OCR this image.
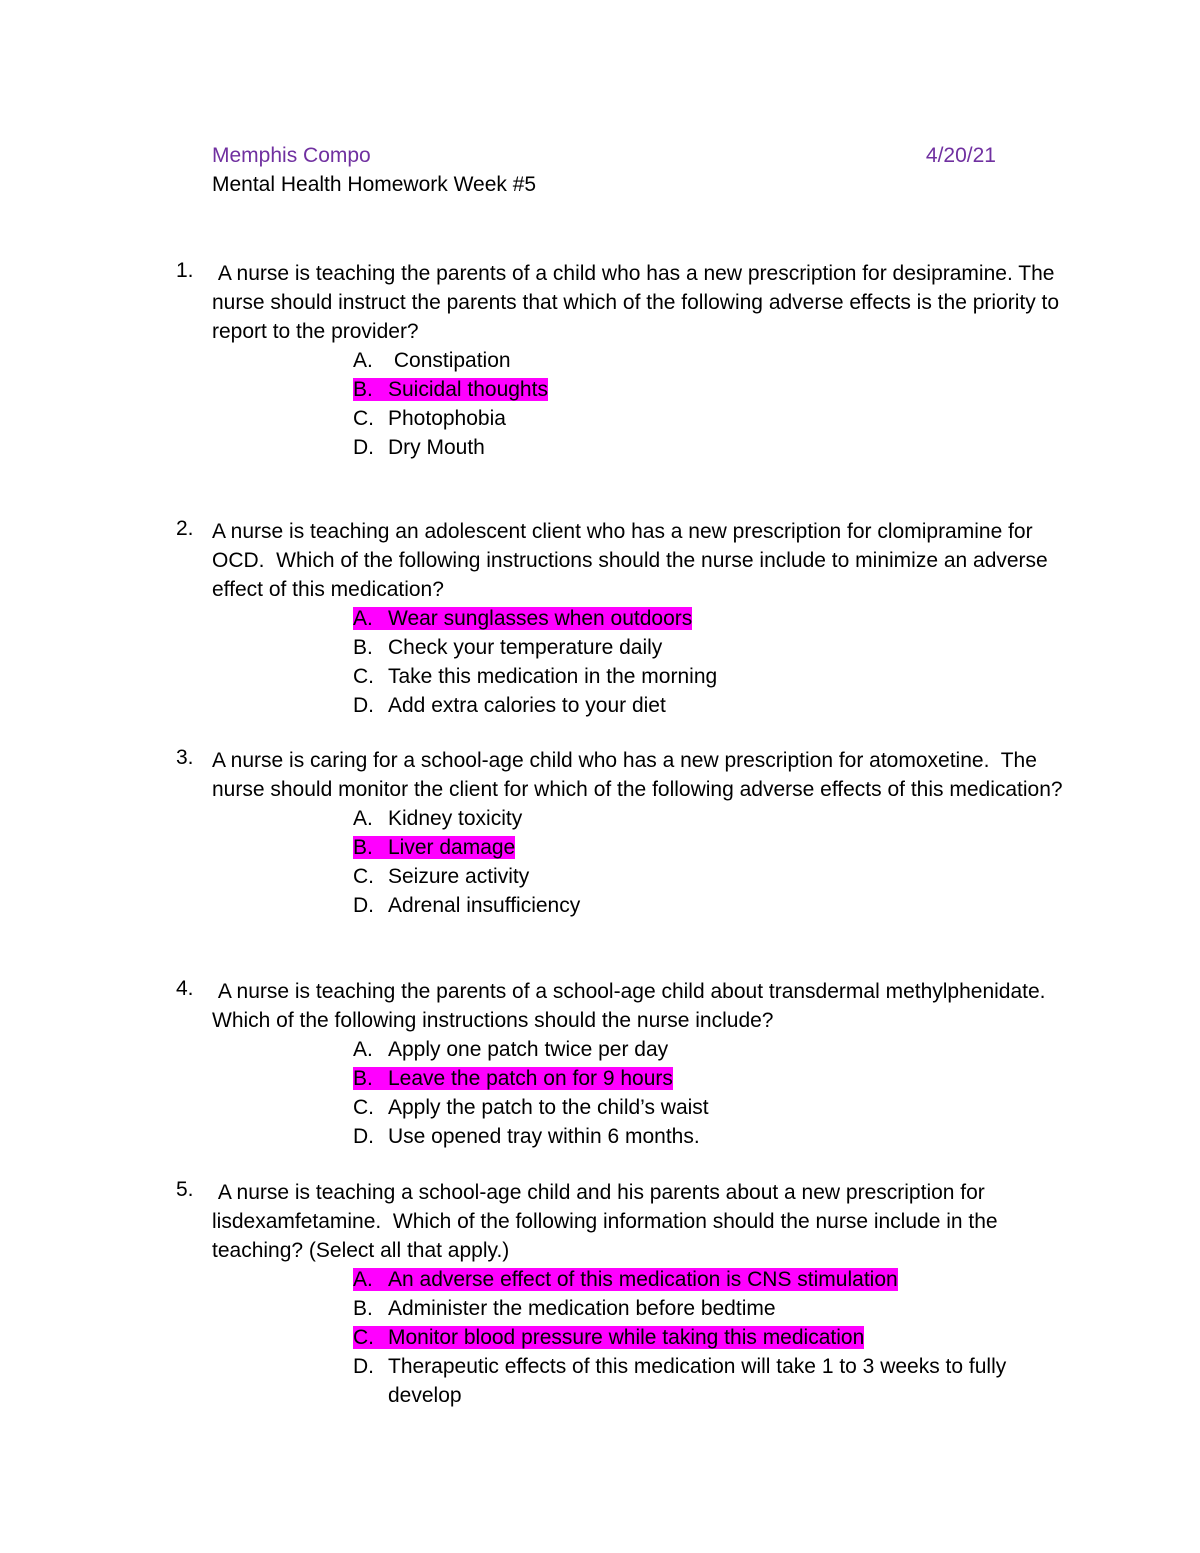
Memphis Compo	4/20/21
Mental Health Homework Week #5
1. A nurse is teaching the parents of a child who has a new prescription for desipramine. The nurse should instruct the parents that which of the following adverse effects is the priority to report to the provider?
A. Constipation
B. Suicidal thoughts
C. Photophobia
D. Dry Mouth
2. A nurse is teaching an adolescent client who has a new prescription for clomipramine for OCD.  Which of the following instructions should the nurse include to minimize an adverse effect of this medication?
A. Wear sunglasses when outdoors
B. Check your temperature daily
C. Take this medication in the morning
D. Add extra calories to your diet
3. A nurse is caring for a school-age child who has a new prescription for atomoxetine.  The nurse should monitor the client for which of the following adverse effects of this medication?
A. Kidney toxicity
B. Liver damage
C. Seizure activity
D. Adrenal insufficiency
4. A nurse is teaching the parents of a school-age child about transdermal methylphenidate.  Which of the following instructions should the nurse include?
A. Apply one patch twice per day
B. Leave the patch on for 9 hours
C. Apply the patch to the child’s waist
D. Use opened tray within 6 months.
5. A nurse is teaching a school-age child and his parents about a new prescription for lisdexamfetamine.  Which of the following information should the nurse include in the teaching? (Select all that apply.)
A. An adverse effect of this medication is CNS stimulation
B. Administer the medication before bedtime
C. Monitor blood pressure while taking this medication
D. Therapeutic effects of this medication will take 1 to 3 weeks to fully develop
